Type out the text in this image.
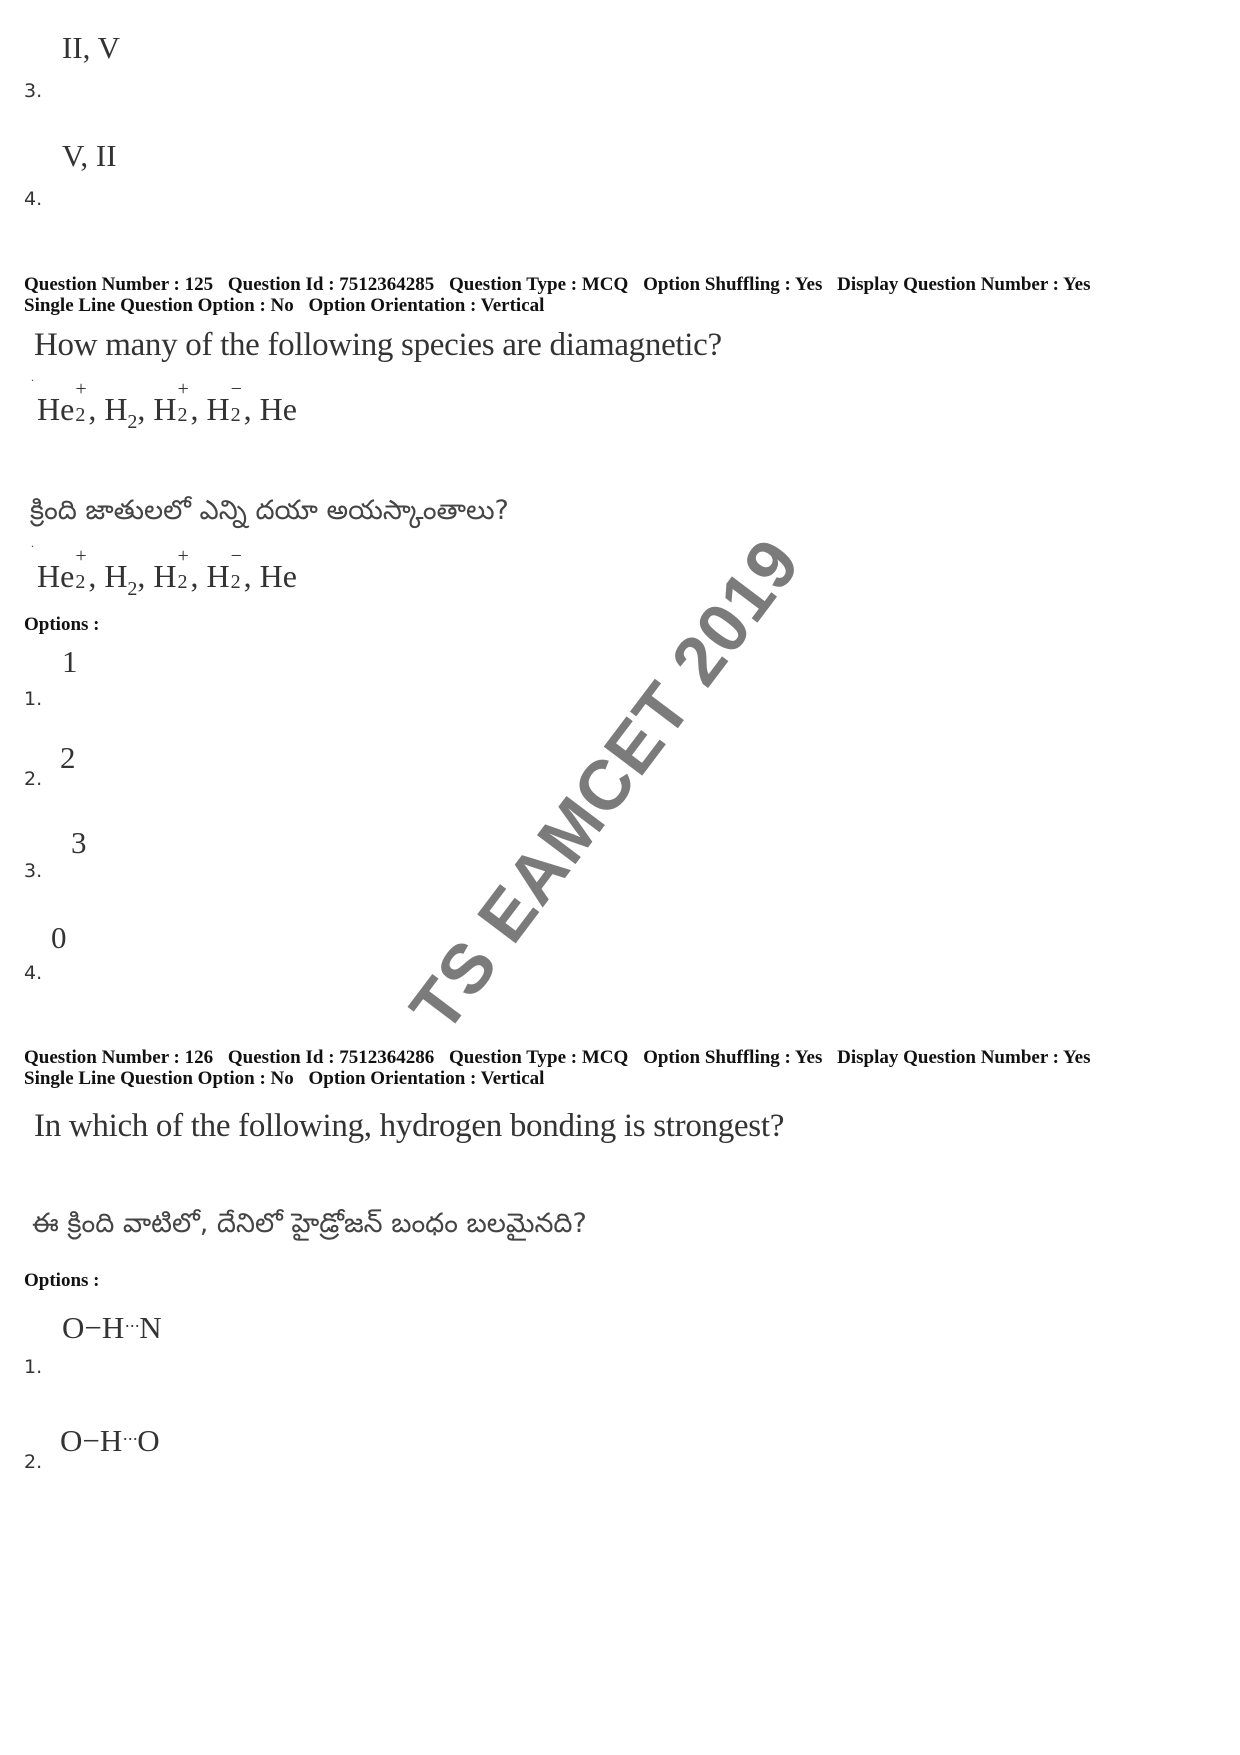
II, V
3.
V, II
4.
Question Number : 125 Question Id : 7512364285 Question Type : MCQ Option Shuffling : Yes Display Question Number : Yes
Single Line Question Option : No Option Orientation : Vertical
How many of the following species are diamagnetic?
.
He
+
2 , $H_2$, H
+
2 , H
−
2 , He
క్రింది జాతులలో ఎన్ని దయా అయస్కాంతాలు?
.
He
+
2 , $H_2$, H
+
2 , H
−
2 , He
Options :
1
1.
2
2.
3
3.
0
4.	TS EAMCET 2019
Question Number : 126 Question Id : 7512364286 Question Type : MCQ Option Shuffling : Yes Display Question Number : Yes
Single Line Question Option : No Option Orientation : Vertical
In which of the following, hydrogen bonding is strongest?
ఈ క్రింది వాటిలో, దేనిలో హైడ్రోజన్ బంధం బలమైనది?
Options :
O−H···N
1.
O−H···O
2.
